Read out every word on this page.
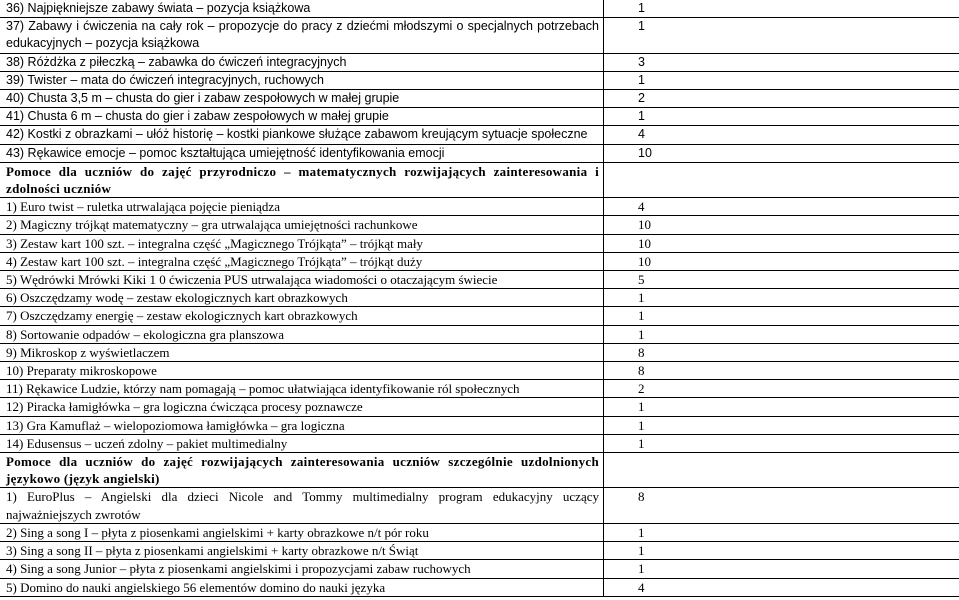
36) Najpiękniejsze zabawy świata – pozycja książkowa	1
37) Zabawy i ćwiczenia na cały rok – propozycje do pracy z dziećmi młodszymi o specjalnych potrzebach edukacyjnych – pozycja książkowa	1
38) Różdżka z piłeczką – zabawka do ćwiczeń integracyjnych	3
39) Twister – mata do ćwiczeń integracyjnych, ruchowych	1
40) Chusta 3,5 m – chusta do gier i zabaw zespołowych w małej grupie	2
41) Chusta 6 m – chusta do gier i zabaw zespołowych w małej grupie	1
42) Kostki z obrazkami – ułóż historię – kostki piankowe służące zabawom kreującym sytuacje społeczne	4
43) Rękawice emocje – pomoc kształtująca umiejętność identyfikowania emocji	10
Pomoce dla uczniów do zajęć przyrodniczo – matematycznych rozwijających zainteresowania i zdolności uczniów	
1) Euro twist – ruletka utrwalająca pojęcie pieniądza	4
2) Magiczny trójkąt matematyczny – gra utrwalająca umiejętności rachunkowe	10
3) Zestaw kart 100 szt. – integralna część „Magicznego Trójkąta” – trójkąt mały	10
4) Zestaw kart 100 szt. – integralna część „Magicznego Trójkąta” – trójkąt duży	10
5) Wędrówki Mrówki Kiki 1 0 ćwiczenia PUS utrwalająca wiadomości o otaczającym świecie	5
6) Oszczędzamy wodę – zestaw ekologicznych kart obrazkowych	1
7) Oszczędzamy energię – zestaw ekologicznych kart obrazkowych	1
8) Sortowanie odpadów – ekologiczna gra planszowa	1
9) Mikroskop z wyświetlaczem	8
10) Preparaty mikroskopowe	8
11) Rękawice Ludzie, którzy nam pomagają – pomoc ułatwiająca identyfikowanie ról społecznych	2
12) Piracka łamigłówka – gra logiczna ćwicząca procesy poznawcze	1
13) Gra Kamuflaż – wielopoziomowa łamigłówka – gra logiczna	1
14) Edusensus – uczeń zdolny – pakiet multimedialny	1
Pomoce dla uczniów do zajęć rozwijających zainteresowania uczniów szczególnie uzdolnionych językowo (język angielski)	
1) EuroPlus – Angielski dla dzieci Nicole and Tommy multimedialny program edukacyjny uczący najważniejszych zwrotów	8
2) Sing a song I – płyta z piosenkami angielskimi + karty obrazkowe n/t pór roku	1
3) Sing a song II – płyta z piosenkami angielskimi + karty obrazkowe n/t Świąt	1
4) Sing a song Junior – płyta z piosenkami angielskimi i propozycjami zabaw ruchowych	1
5) Domino do nauki angielskiego 56 elementów domino do nauki języka	4
